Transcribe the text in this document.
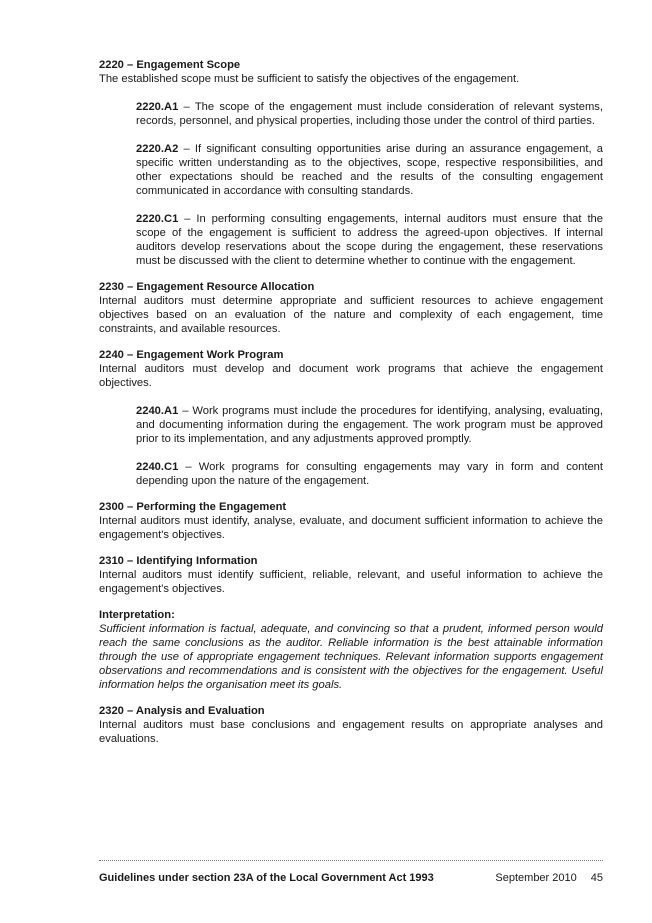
2220 – Engagement Scope

The established scope must be sufficient to satisfy the objectives of the engagement.

2220.A1 – The scope of the engagement must include consideration of relevant systems, records, personnel, and physical properties, including those under the control of third parties.

2220.A2 – If significant consulting opportunities arise during an assurance engagement, a specific written understanding as to the objectives, scope, respective responsibilities, and other expectations should be reached and the results of the consulting engagement communicated in accordance with consulting standards.

2220.C1 – In performing consulting engagements, internal auditors must ensure that the scope of the engagement is sufficient to address the agreed-upon objectives. If internal auditors develop reservations about the scope during the engagement, these reservations must be discussed with the client to determine whether to continue with the engagement.

2230 – Engagement Resource Allocation

Internal auditors must determine appropriate and sufficient resources to achieve engagement objectives based on an evaluation of the nature and complexity of each engagement, time constraints, and available resources.

2240 – Engagement Work Program

Internal auditors must develop and document work programs that achieve the engagement objectives.

2240.A1 – Work programs must include the procedures for identifying, analysing, evaluating, and documenting information during the engagement. The work program must be approved prior to its implementation, and any adjustments approved promptly.

2240.C1 – Work programs for consulting engagements may vary in form and content depending upon the nature of the engagement.

2300 – Performing the Engagement

Internal auditors must identify, analyse, evaluate, and document sufficient information to achieve the engagement's objectives.

2310 – Identifying Information

Internal auditors must identify sufficient, reliable, relevant, and useful information to achieve the engagement's objectives.

Interpretation:

Sufficient information is factual, adequate, and convincing so that a prudent, informed person would reach the same conclusions as the auditor. Reliable information is the best attainable information through the use of appropriate engagement techniques. Relevant information supports engagement observations and recommendations and is consistent with the objectives for the engagement. Useful information helps the organisation meet its goals.

2320 – Analysis and Evaluation

Internal auditors must base conclusions and engagement results on appropriate analyses and evaluations.

Guidelines under section 23A of the Local Government Act 1993	September 2010 45
